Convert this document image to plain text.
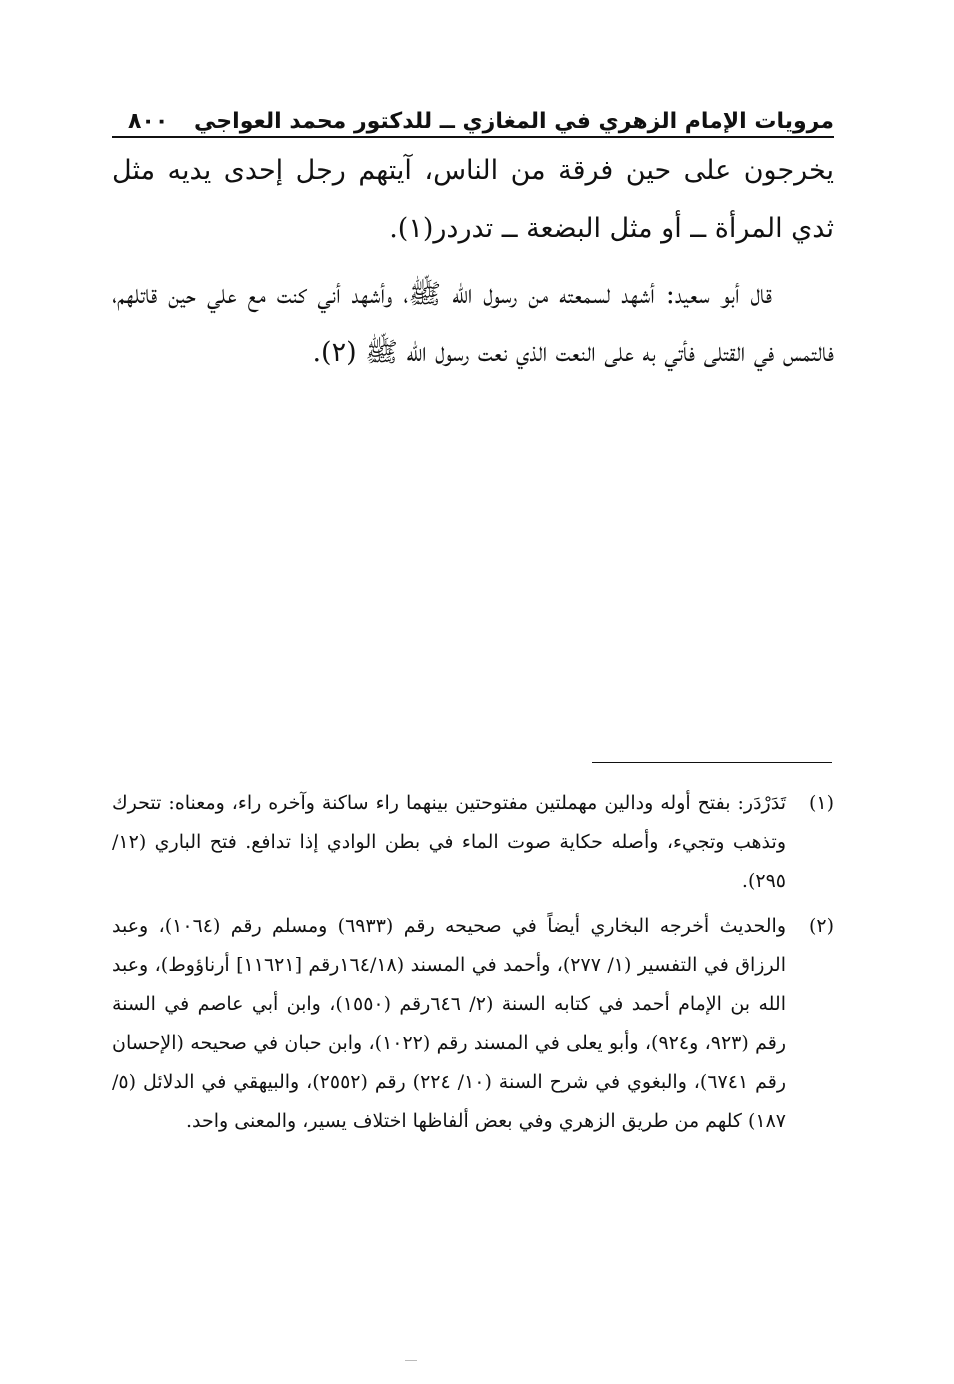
مرويات الإمام الزهري في المغازي ــ للدكتور محمد العواجي
٨٠٠

يخرجون على حين فرقة من الناس، آيتهم رجل إحدى يديه مثل ثدي المرأة ــ أو مثل البضعة ــ تدردر(١).

قال أبو سعيد: أشهد لسمعته من رسول الله ﷺ، وأشهد أني كنت مع علي حين قاتلهم، فالتمس في القتلى فأتي به على النعت الذي نعت رسول الله ﷺ (٢).

(١)
تَدَرْدَر: بفتح أوله ودالين مهملتين مفتوحتين بينهما راء ساكنة وآخره راء، ومعناه: تتحرك وتذهب وتجيء، وأصله حكاية صوت الماء في بطن الوادي إذا تدافع. فتح الباري (١٢/ ٢٩٥).
(٢)
والحديث أخرجه البخاري أيضاً في صحيحه رقم (٦٩٣٣) ومسلم رقم (١٠٦٤)، وعبد الرزاق في التفسير (١/ ٢٧٧)، وأحمد في المسند (١٦٤/١٨رقم [١١٦٢١] أرناؤوط)، وعبد الله بن الإمام أحمد في كتابه السنة (٢/ ٦٤٦رقم (١٥٥٠)، وابن أبي عاصم في السنة رقم (٩٢٣، و٩٢٤)، وأبو يعلى في المسند رقم (١٠٢٢)، وابن حبان في صحيحه (الإحسان رقم ٦٧٤١)، والبغوي في شرح السنة (١٠/ ٢٢٤) رقم (٢٥٥٢)، والبيهقي في الدلائل (٥/ ١٨٧) كلهم من طريق الزهري وفي بعض ألفاظها اختلاف يسير، والمعنى واحد.
